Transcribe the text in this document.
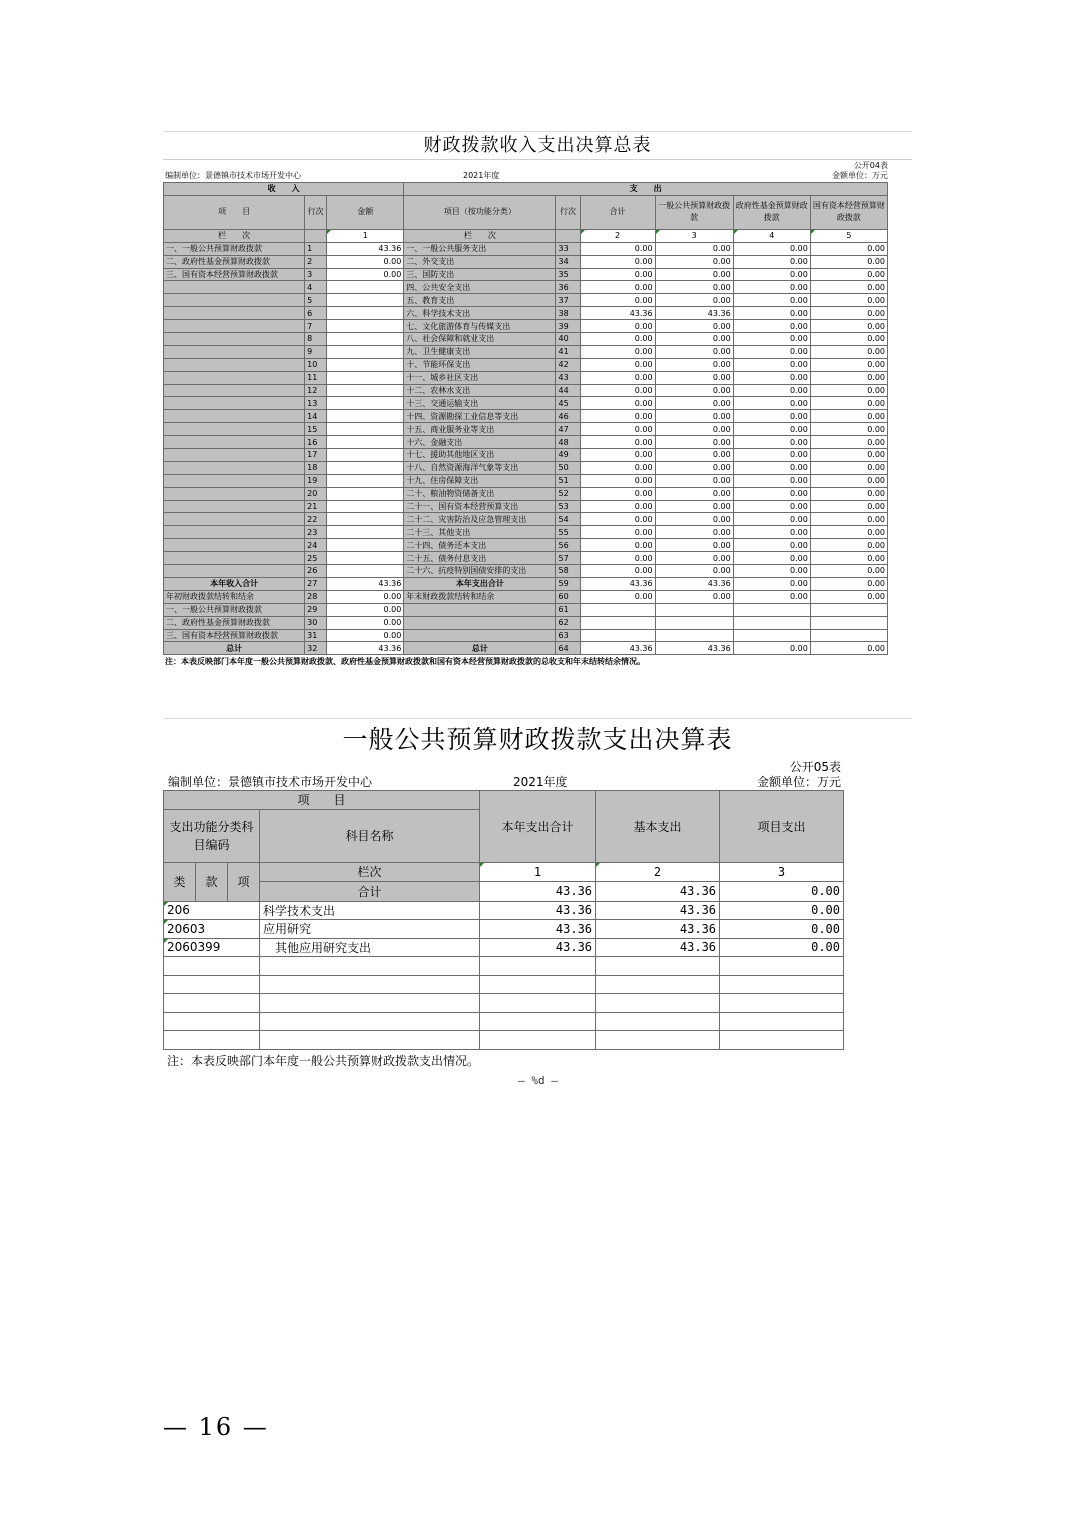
财政拨款收入支出决算总表
公开04表
编制单位：景德镇市技术市场开发中心	2021年度	金额单位：万元
收　　入			支　　出					
项　　目	行次	金额	项目（按功能分类）	行次	合计	一般公共预算财政拨款	政府性基金预算财政拨款	国有资本经营预算财政拨款
栏　　次		1	栏　　次		2	3	4	5
一、一般公共预算财政拨款	1	43.36	一、一般公共服务支出	33	0.00	0.00	0.00	0.00
二、政府性基金预算财政拨款	2	0.00	二、外交支出	34	0.00	0.00	0.00	0.00
三、国有资本经营预算财政拨款	3	0.00	三、国防支出	35	0.00	0.00	0.00	0.00
	4		四、公共安全支出	36	0.00	0.00	0.00	0.00
	5		五、教育支出	37	0.00	0.00	0.00	0.00
	6		六、科学技术支出	38	43.36	43.36	0.00	0.00
	7		七、文化旅游体育与传媒支出	39	0.00	0.00	0.00	0.00
	8		八、社会保障和就业支出	40	0.00	0.00	0.00	0.00
	9		九、卫生健康支出	41	0.00	0.00	0.00	0.00
	10		十、节能环保支出	42	0.00	0.00	0.00	0.00
	11		十一、城乡社区支出	43	0.00	0.00	0.00	0.00
	12		十二、农林水支出	44	0.00	0.00	0.00	0.00
	13		十三、交通运输支出	45	0.00	0.00	0.00	0.00
	14		十四、资源勘探工业信息等支出	46	0.00	0.00	0.00	0.00
	15		十五、商业服务业等支出	47	0.00	0.00	0.00	0.00
	16		十六、金融支出	48	0.00	0.00	0.00	0.00
	17		十七、援助其他地区支出	49	0.00	0.00	0.00	0.00
	18		十八、自然资源海洋气象等支出	50	0.00	0.00	0.00	0.00
	19		十九、住房保障支出	51	0.00	0.00	0.00	0.00
	20		二十、粮油物资储备支出	52	0.00	0.00	0.00	0.00
	21		二十一、国有资本经营预算支出	53	0.00	0.00	0.00	0.00
	22		二十二、灾害防治及应急管理支出	54	0.00	0.00	0.00	0.00
	23		二十三、其他支出	55	0.00	0.00	0.00	0.00
	24		二十四、债务还本支出	56	0.00	0.00	0.00	0.00
	25		二十五、债务付息支出	57	0.00	0.00	0.00	0.00
	26		二十六、抗疫特别国债安排的支出	58	0.00	0.00	0.00	0.00
本年收入合计	27	43.36	本年支出合计	59	43.36	43.36	0.00	0.00
年初财政拨款结转和结余	28	0.00	年末财政拨款结转和结余	60	0.00	0.00	0.00	0.00
一、一般公共预算财政拨款	29	0.00		61				
二、政府性基金预算财政拨款	30	0.00		62				
三、国有资本经营预算财政拨款	31	0.00		63				
总计	32	43.36	总计	64	43.36	43.36	0.00	0.00
注：本表反映部门本年度一般公共预算财政拨款、政府性基金预算财政拨款和国有资本经营预算财政拨款的总收支和年末结转结余情况。
一般公共预算财政拨款支出决算表
公开05表
编制单位：景德镇市技术市场开发中心	2021年度	金额单位：万元
项　　目				本年支出合计	基本支出	项目支出
支出功能分类科目编码			科目名称			

类	款	项	栏次	1	2	3
			合计	43.36	43.36	0.00
206			科学技术支出	43.36	43.36	0.00
20603			应用研究	43.36	43.36	0.00
2060399			　其他应用研究支出	43.36	43.36	0.00

注：本表反映部门本年度一般公共预算财政拨款支出情况。
— %d —
— 16 —
